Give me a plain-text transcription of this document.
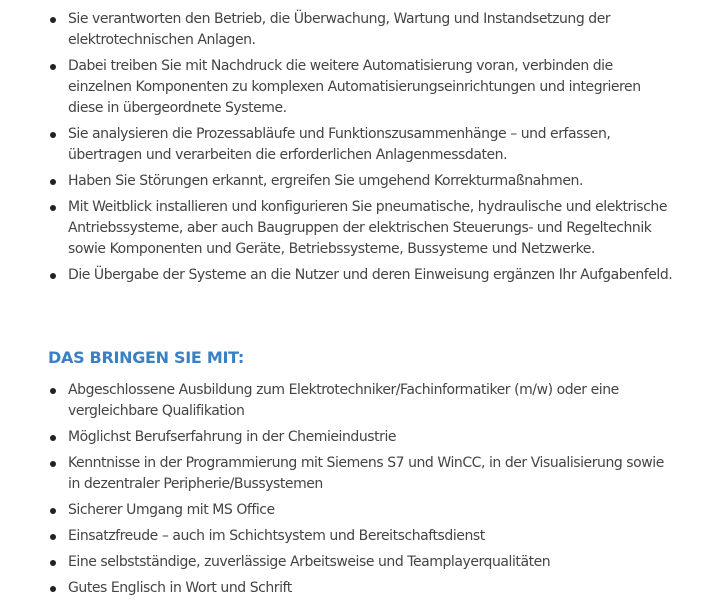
Sie verantworten den Betrieb, die Überwachung, Wartung und Instandsetzung der elektrotechnischen Anlagen.
Dabei treiben Sie mit Nachdruck die weitere Automatisierung voran, verbinden die einzelnen Komponenten zu komplexen Automatisierungseinrichtungen und integrieren diese in übergeordnete Systeme.
Sie analysieren die Prozessabläufe und Funktionszusammenhänge – und erfassen, übertragen und verarbeiten die erforderlichen Anlagenmessdaten.
Haben Sie Störungen erkannt, ergreifen Sie umgehend Korrekturmaßnahmen.
Mit Weitblick installieren und konfigurieren Sie pneumatische, hydraulische und elektrische Antriebssysteme, aber auch Baugruppen der elektrischen Steuerungs- und Regeltechnik sowie Komponenten und Geräte, Betriebssysteme, Bussysteme und Netzwerke.
Die Übergabe der Systeme an die Nutzer und deren Einweisung ergänzen Ihr Aufgabenfeld.
DAS BRINGEN SIE MIT:
Abgeschlossene Ausbildung zum Elektrotechniker/Fachinformatiker (m/w) oder eine vergleichbare Qualifikation
Möglichst Berufserfahrung in der Chemieindustrie
Kenntnisse in der Programmierung mit Siemens S7 und WinCC, in der Visualisierung sowie in dezentraler Peripherie/Bussystemen
Sicherer Umgang mit MS Office
Einsatzfreude – auch im Schichtsystem und Bereitschaftsdienst
Eine selbstständige, zuverlässige Arbeitsweise und Teamplayerqualitäten
Gutes Englisch in Wort und Schrift
